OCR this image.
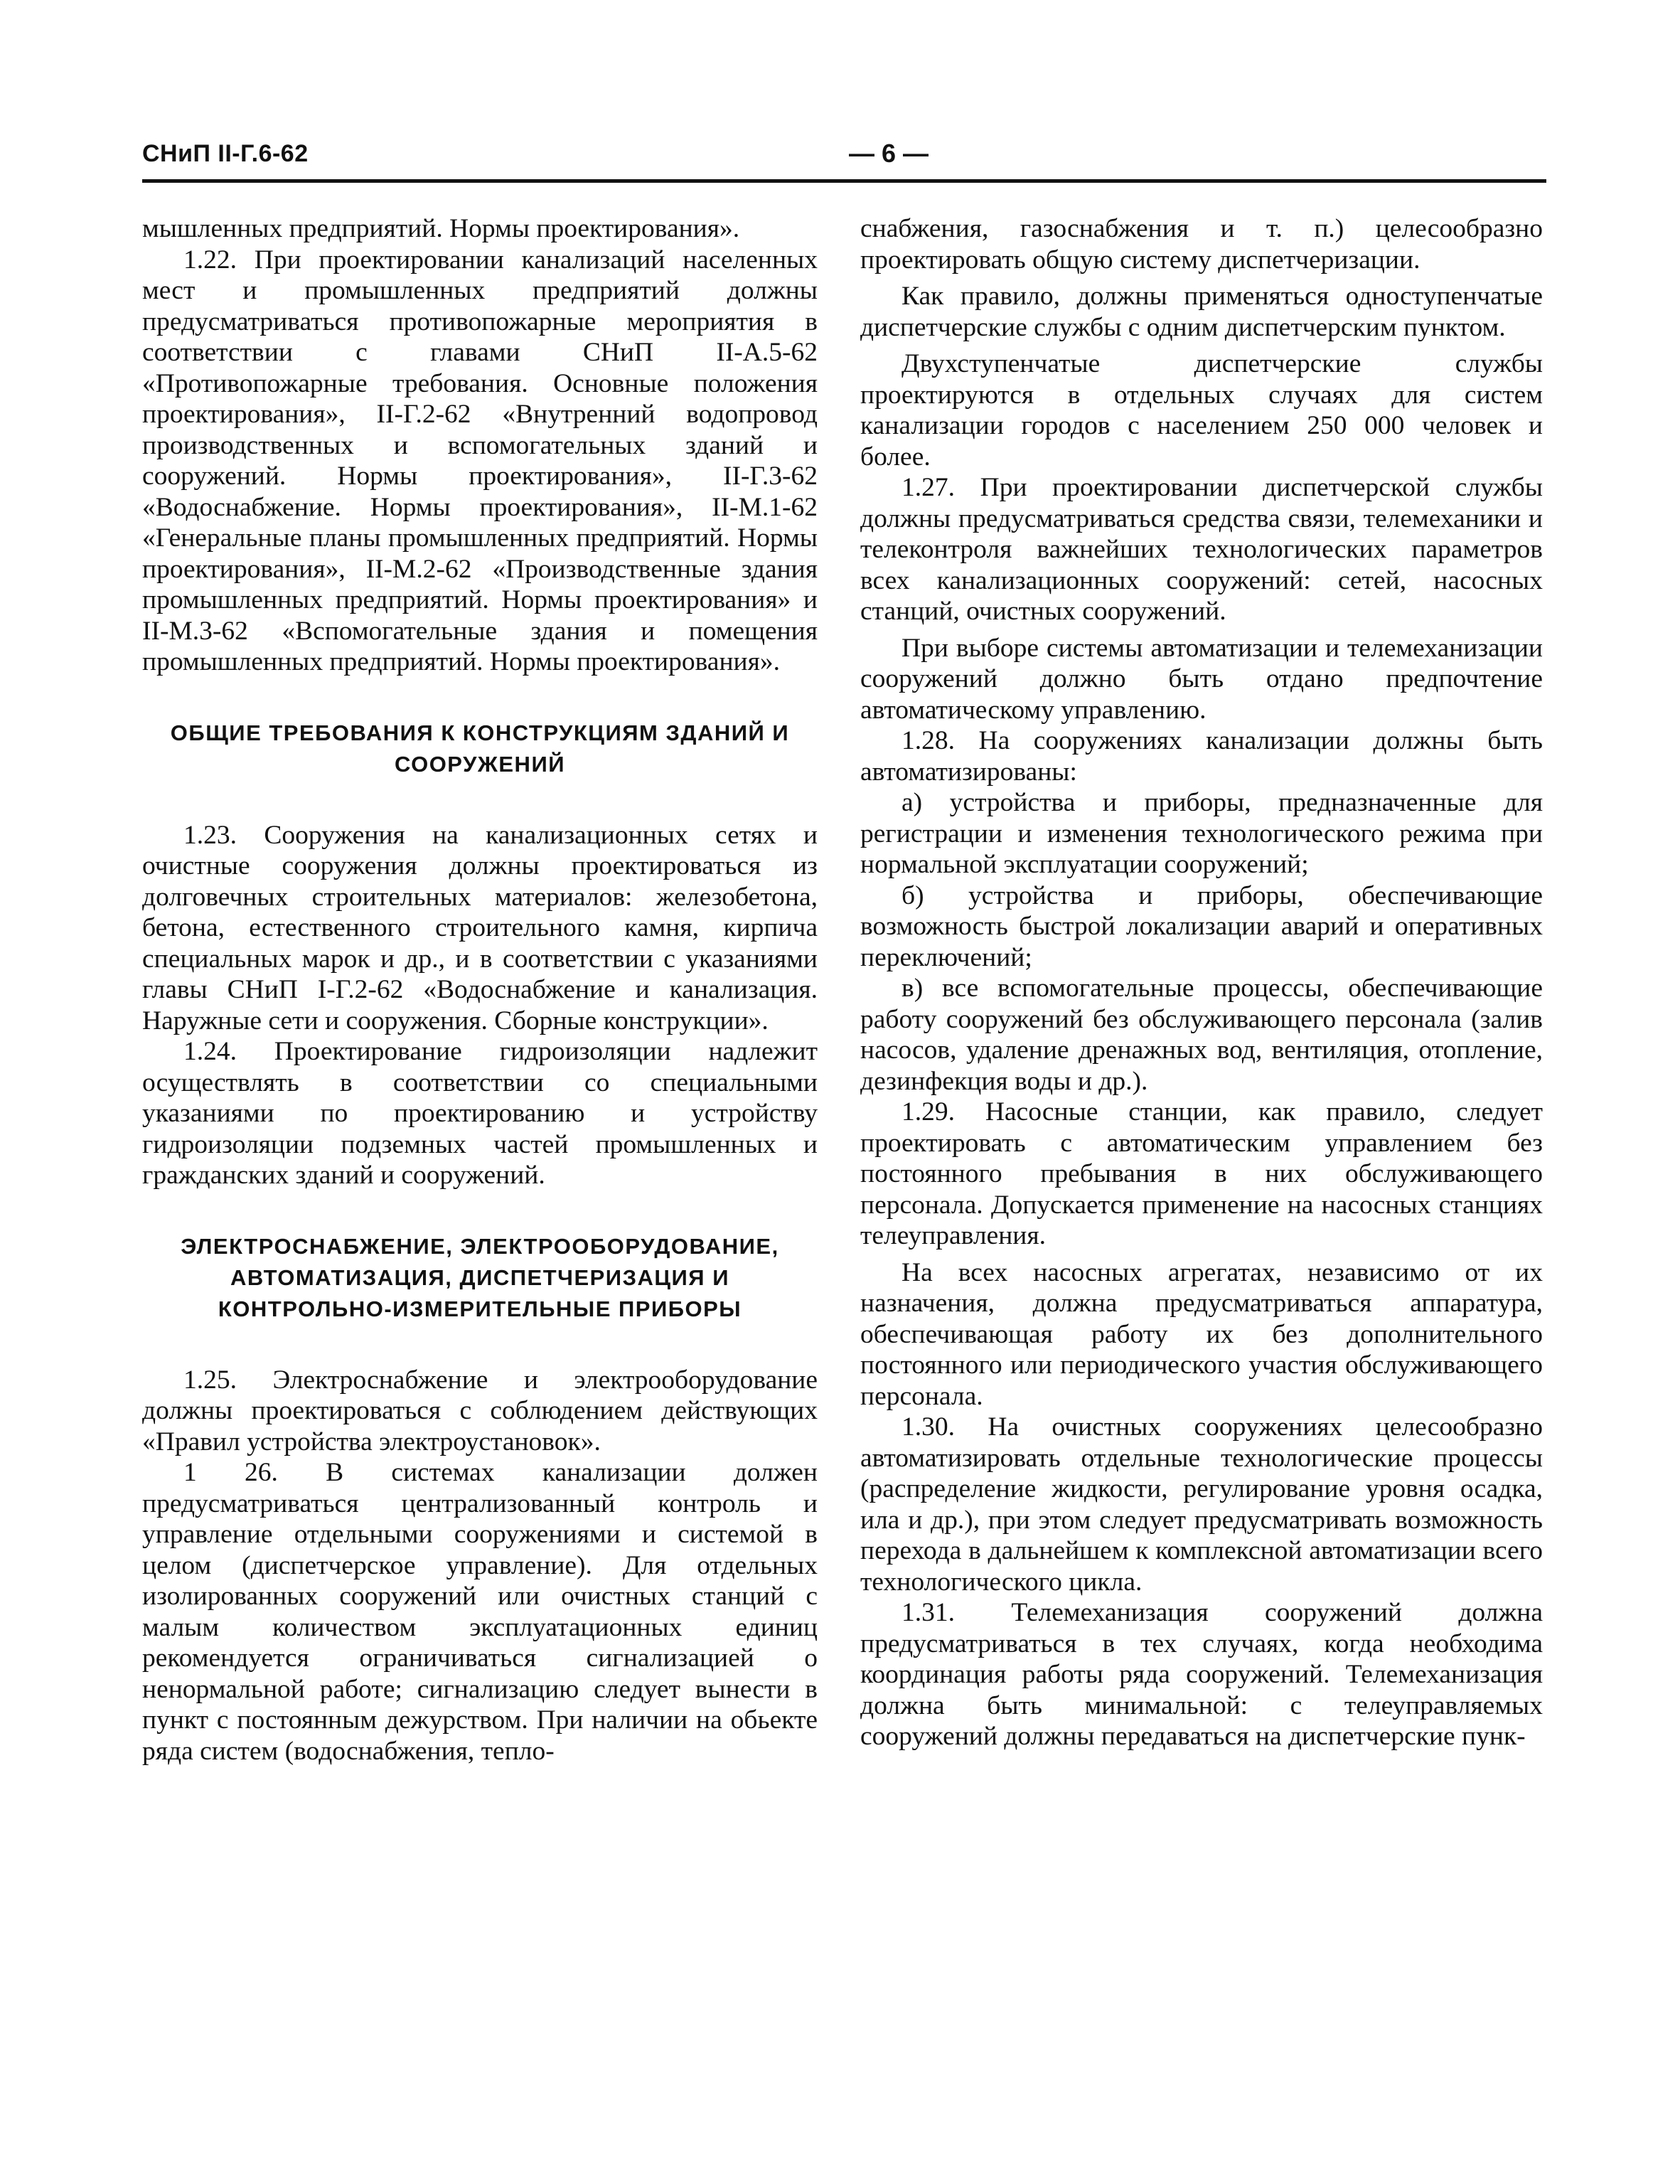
СНиП II-Г.6-62	— 6 —

мышленных предприятий. Нормы проектирования».

1.22. При проектировании канализаций населенных мест и промышленных предприятий должны предусматриваться противопожарные мероприятия в соответствии с главами СНиП II-А.5-62 «Противопожарные требования. Основные положения проектирования», II-Г.2-62 «Внутренний водопровод производственных и вспомогательных зданий и сооружений. Нормы проектирования», II-Г.3-62 «Водоснабжение. Нормы проектирования», II-М.1-62 «Генеральные планы промышленных предприятий. Нормы проектирования», II-М.2-62 «Производственные здания промышленных предприятий. Нормы проектирования» и II-М.3-62 «Вспомогательные здания и помещения промышленных предприятий. Нормы проектирования».

ОБЩИЕ ТРЕБОВАНИЯ К КОНСТРУКЦИЯМ ЗДАНИЙ И СООРУЖЕНИЙ

1.23. Сооружения на канализационных сетях и очистные сооружения должны проектироваться из долговечных строительных материалов: железобетона, бетона, естественного строительного камня, кирпича специальных марок и др., и в соответствии с указаниями главы СНиП I-Г.2-62 «Водоснабжение и канализация. Наружные сети и сооружения. Сборные конструкции».

1.24. Проектирование гидроизоляции надлежит осуществлять в соответствии со специальными указаниями по проектированию и устройству гидроизоляции подземных частей промышленных и гражданских зданий и сооружений.

ЭЛЕКТРОСНАБЖЕНИЕ, ЭЛЕКТРООБОРУДОВАНИЕ, АВТОМАТИЗАЦИЯ, ДИСПЕТЧЕРИЗАЦИЯ И КОНТРОЛЬНО-ИЗМЕРИТЕЛЬНЫЕ ПРИБОРЫ

1.25. Электроснабжение и электрооборудование должны проектироваться с соблюдением действующих «Правил устройства электроустановок».

1 26. В системах канализации должен предусматриваться централизованный контроль и управление отдельными сооружениями и системой в целом (диспетчерское управление). Для отдельных изолированных сооружений или очистных станций с малым количеством эксплуатационных единиц рекомендуется ограничиваться сигнализацией о ненормальной работе; сигнализацию следует вынести в пункт с постоянным дежурством. При наличии на обьекте ряда систем (водоснабжения, тепло-

снабжения, газоснабжения и т. п.) целесообразно проектировать общую систему диспетчеризации.

Как правило, должны применяться одноступенчатые диспетчерские службы с одним диспетчерским пунктом.

Двухступенчатые диспетчерские службы проектируются в отдельных случаях для систем канализации городов с населением 250 000 человек и более.

1.27. При проектировании диспетчерской службы должны предусматриваться средства связи, телемеханики и телеконтроля важнейших технологических параметров всех канализационных сооружений: сетей, насосных станций, очистных сооружений.

При выборе системы автоматизации и телемеханизации сооружений должно быть отдано предпочтение автоматическому управлению.

1.28. На сооружениях канализации должны быть автоматизированы:

а) устройства и приборы, предназначенные для регистрации и изменения технологического режима при нормальной эксплуатации сооружений;

б) устройства и приборы, обеспечивающие возможность быстрой локализации аварий и оперативных переключений;

в) все вспомогательные процессы, обеспечивающие работу сооружений без обслуживающего персонала (залив насосов, удаление дренажных вод, вентиляция, отопление, дезинфекция воды и др.).

1.29. Насосные станции, как правило, следует проектировать с автоматическим управлением без постоянного пребывания в них обслуживающего персонала. Допускается применение на насосных станциях телеуправления.

На всех насосных агрегатах, независимо от их назначения, должна предусматриваться аппаратура, обеспечивающая работу их без дополнительного постоянного или периодического участия обслуживающего персонала.

1.30. На очистных сооружениях целесообразно автоматизировать отдельные технологические процессы (распределение жидкости, регулирование уровня осадка, ила и др.), при этом следует предусматривать возможность перехода в дальнейшем к комплексной автоматизации всего технологического цикла.

1.31. Телемеханизация сооружений должна предусматриваться в тех случаях, когда необходима координация работы ряда сооружений. Телемеханизация должна быть минимальной: с телеуправляемых сооружений должны передаваться на диспетчерские пунк-
